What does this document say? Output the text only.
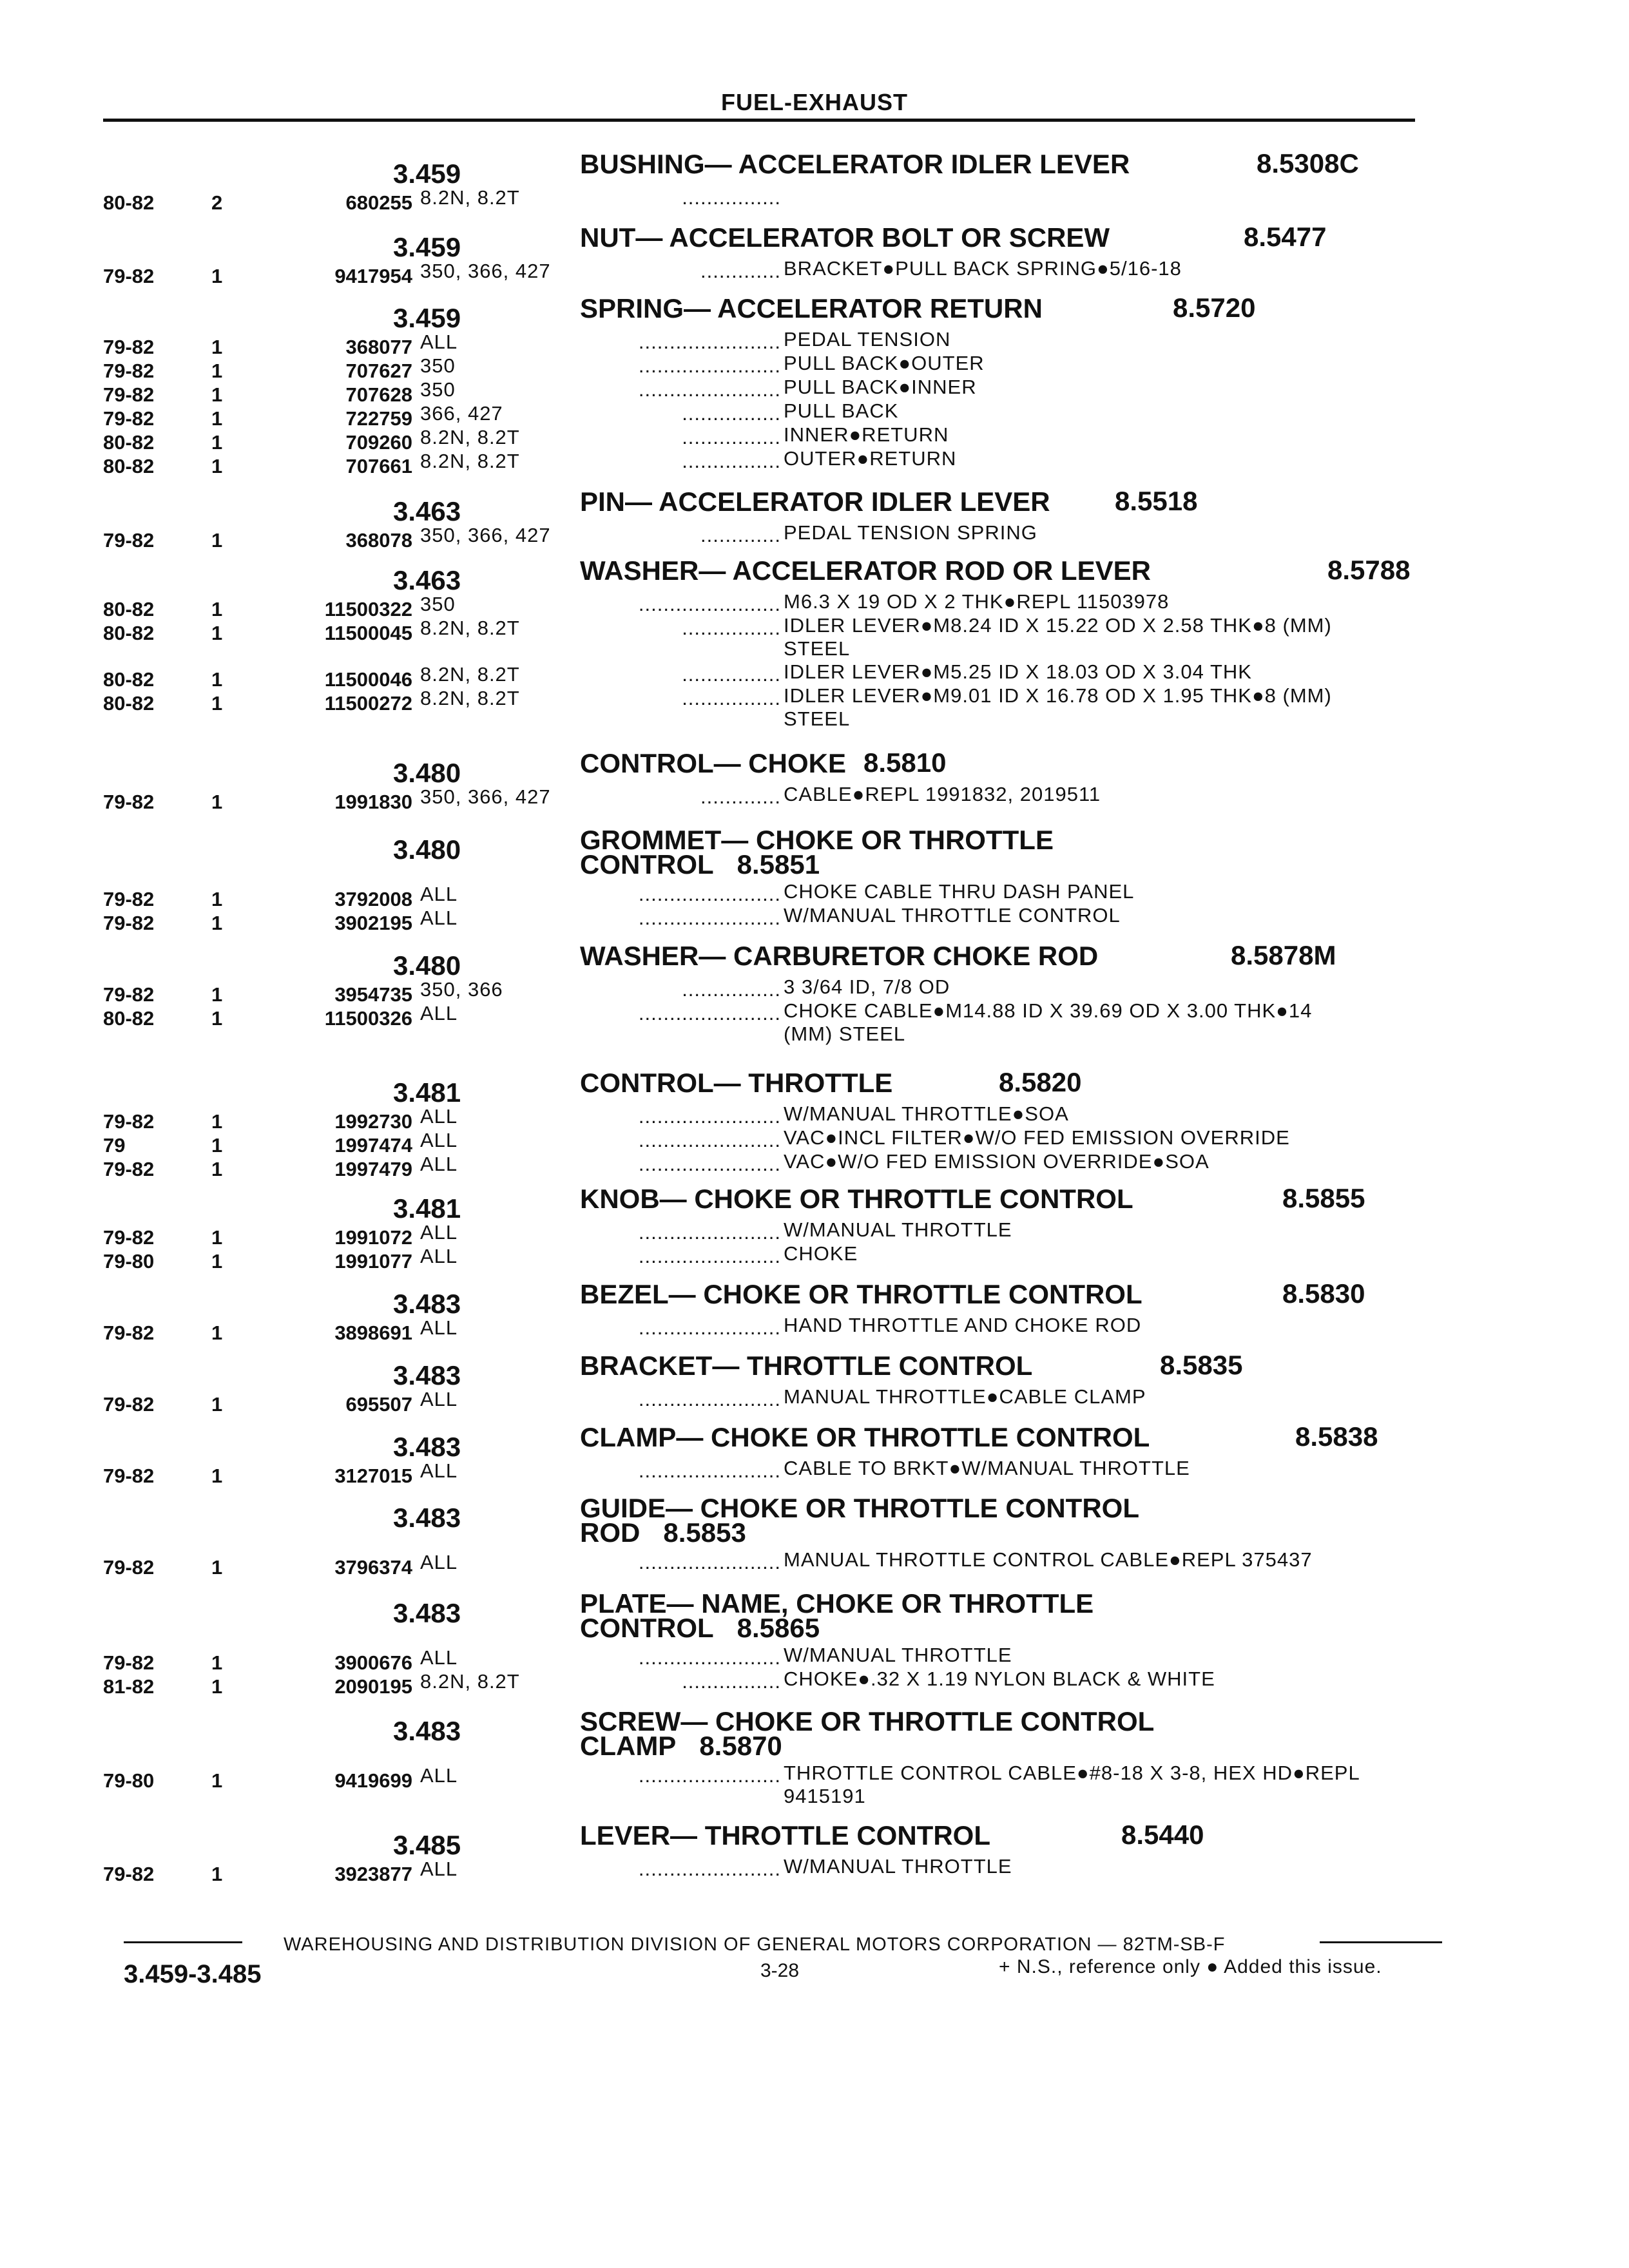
FUEL-EXHAUST
3.459	BUSHING— ACCELERATOR IDLER LEVER	8.5308C
80-82	2	680255 8.2N, 8.2T	................
3.459	NUT— ACCELERATOR BOLT OR SCREW	8.5477
79-82	1	9417954 350, 366, 427	............. BRACKET●PULL BACK SPRING●5/16-18
3.459	SPRING— ACCELERATOR RETURN	8.5720
79-82	1	368077 ALL	....................... PEDAL TENSION
79-82	1	707627 350	....................... PULL BACK●OUTER
79-82	1	707628 350	....................... PULL BACK●INNER
79-82	1	722759 366, 427	................ PULL BACK
80-82	1	709260 8.2N, 8.2T	................ INNER●RETURN
80-82	1	707661 8.2N, 8.2T	................ OUTER●RETURN
3.463	PIN— ACCELERATOR IDLER LEVER	8.5518
79-82	1	368078 350, 366, 427	............. PEDAL TENSION SPRING
3.463	WASHER— ACCELERATOR ROD OR LEVER	8.5788
80-82	1	11500322 350	....................... M6.3 X 19 OD X 2 THK●REPL 11503978
80-82	1	11500045 8.2N, 8.2T	................ IDLER LEVER●M8.24 ID X 15.22 OD X 2.58 THK●8 (MM)
STEEL
80-82	1	11500046 8.2N, 8.2T	................ IDLER LEVER●M5.25 ID X 18.03 OD X 3.04 THK
80-82	1	11500272 8.2N, 8.2T	................ IDLER LEVER●M9.01 ID X 16.78 OD X 1.95 THK●8 (MM)
STEEL
3.480	CONTROL— CHOKE 8.5810
79-82	1	1991830 350, 366, 427	............. CABLE●REPL 1991832, 2019511
3.480	GROMMET— CHOKE OR THROTTLE
CONTROL 8.5851
79-82	1	3792008 ALL	....................... CHOKE CABLE THRU DASH PANEL
79-82	1	3902195 ALL	....................... W/MANUAL THROTTLE CONTROL
3.480	WASHER— CARBURETOR CHOKE ROD	8.5878M
79-82	1	3954735 350, 366	................ 3 3/64 ID, 7/8 OD
80-82	1	11500326 ALL	....................... CHOKE CABLE●M14.88 ID X 39.69 OD X 3.00 THK●14
(MM) STEEL
3.481	CONTROL— THROTTLE	8.5820
79-82	1	1992730 ALL	....................... W/MANUAL THROTTLE●SOA
79	1	1997474 ALL	....................... VAC●INCL FILTER●W/O FED EMISSION OVERRIDE
79-82	1	1997479 ALL	....................... VAC●W/O FED EMISSION OVERRIDE●SOA
3.481	KNOB— CHOKE OR THROTTLE CONTROL	8.5855
79-82	1	1991072 ALL	....................... W/MANUAL THROTTLE
79-80	1	1991077 ALL	....................... CHOKE
3.483	BEZEL— CHOKE OR THROTTLE CONTROL	8.5830
79-82	1	3898691 ALL	....................... HAND THROTTLE AND CHOKE ROD
3.483	BRACKET— THROTTLE CONTROL	8.5835
79-82	1	695507 ALL	....................... MANUAL THROTTLE●CABLE CLAMP
3.483	CLAMP— CHOKE OR THROTTLE CONTROL	8.5838
79-82	1	3127015 ALL	....................... CABLE TO BRKT●W/MANUAL THROTTLE
3.483	GUIDE— CHOKE OR THROTTLE CONTROL
ROD 8.5853
79-82	1	3796374 ALL	....................... MANUAL THROTTLE CONTROL CABLE●REPL 375437
3.483	PLATE— NAME, CHOKE OR THROTTLE
CONTROL 8.5865
79-82	1	3900676 ALL	....................... W/MANUAL THROTTLE
81-82	1	2090195 8.2N, 8.2T	................ CHOKE●.32 X 1.19 NYLON BLACK & WHITE
3.483	SCREW— CHOKE OR THROTTLE CONTROL
CLAMP 8.5870
79-80	1	9419699 ALL	....................... THROTTLE CONTROL CABLE●#8-18 X 3-8, HEX HD●REPL
9415191
3.485	LEVER— THROTTLE CONTROL	8.5440
79-82	1	3923877 ALL	....................... W/MANUAL THROTTLE
WAREHOUSING AND DISTRIBUTION DIVISION OF GENERAL MOTORS CORPORATION — 82TM-SB-F
3.459-3.485	3-28	+ N.S., reference only ● Added this issue.
